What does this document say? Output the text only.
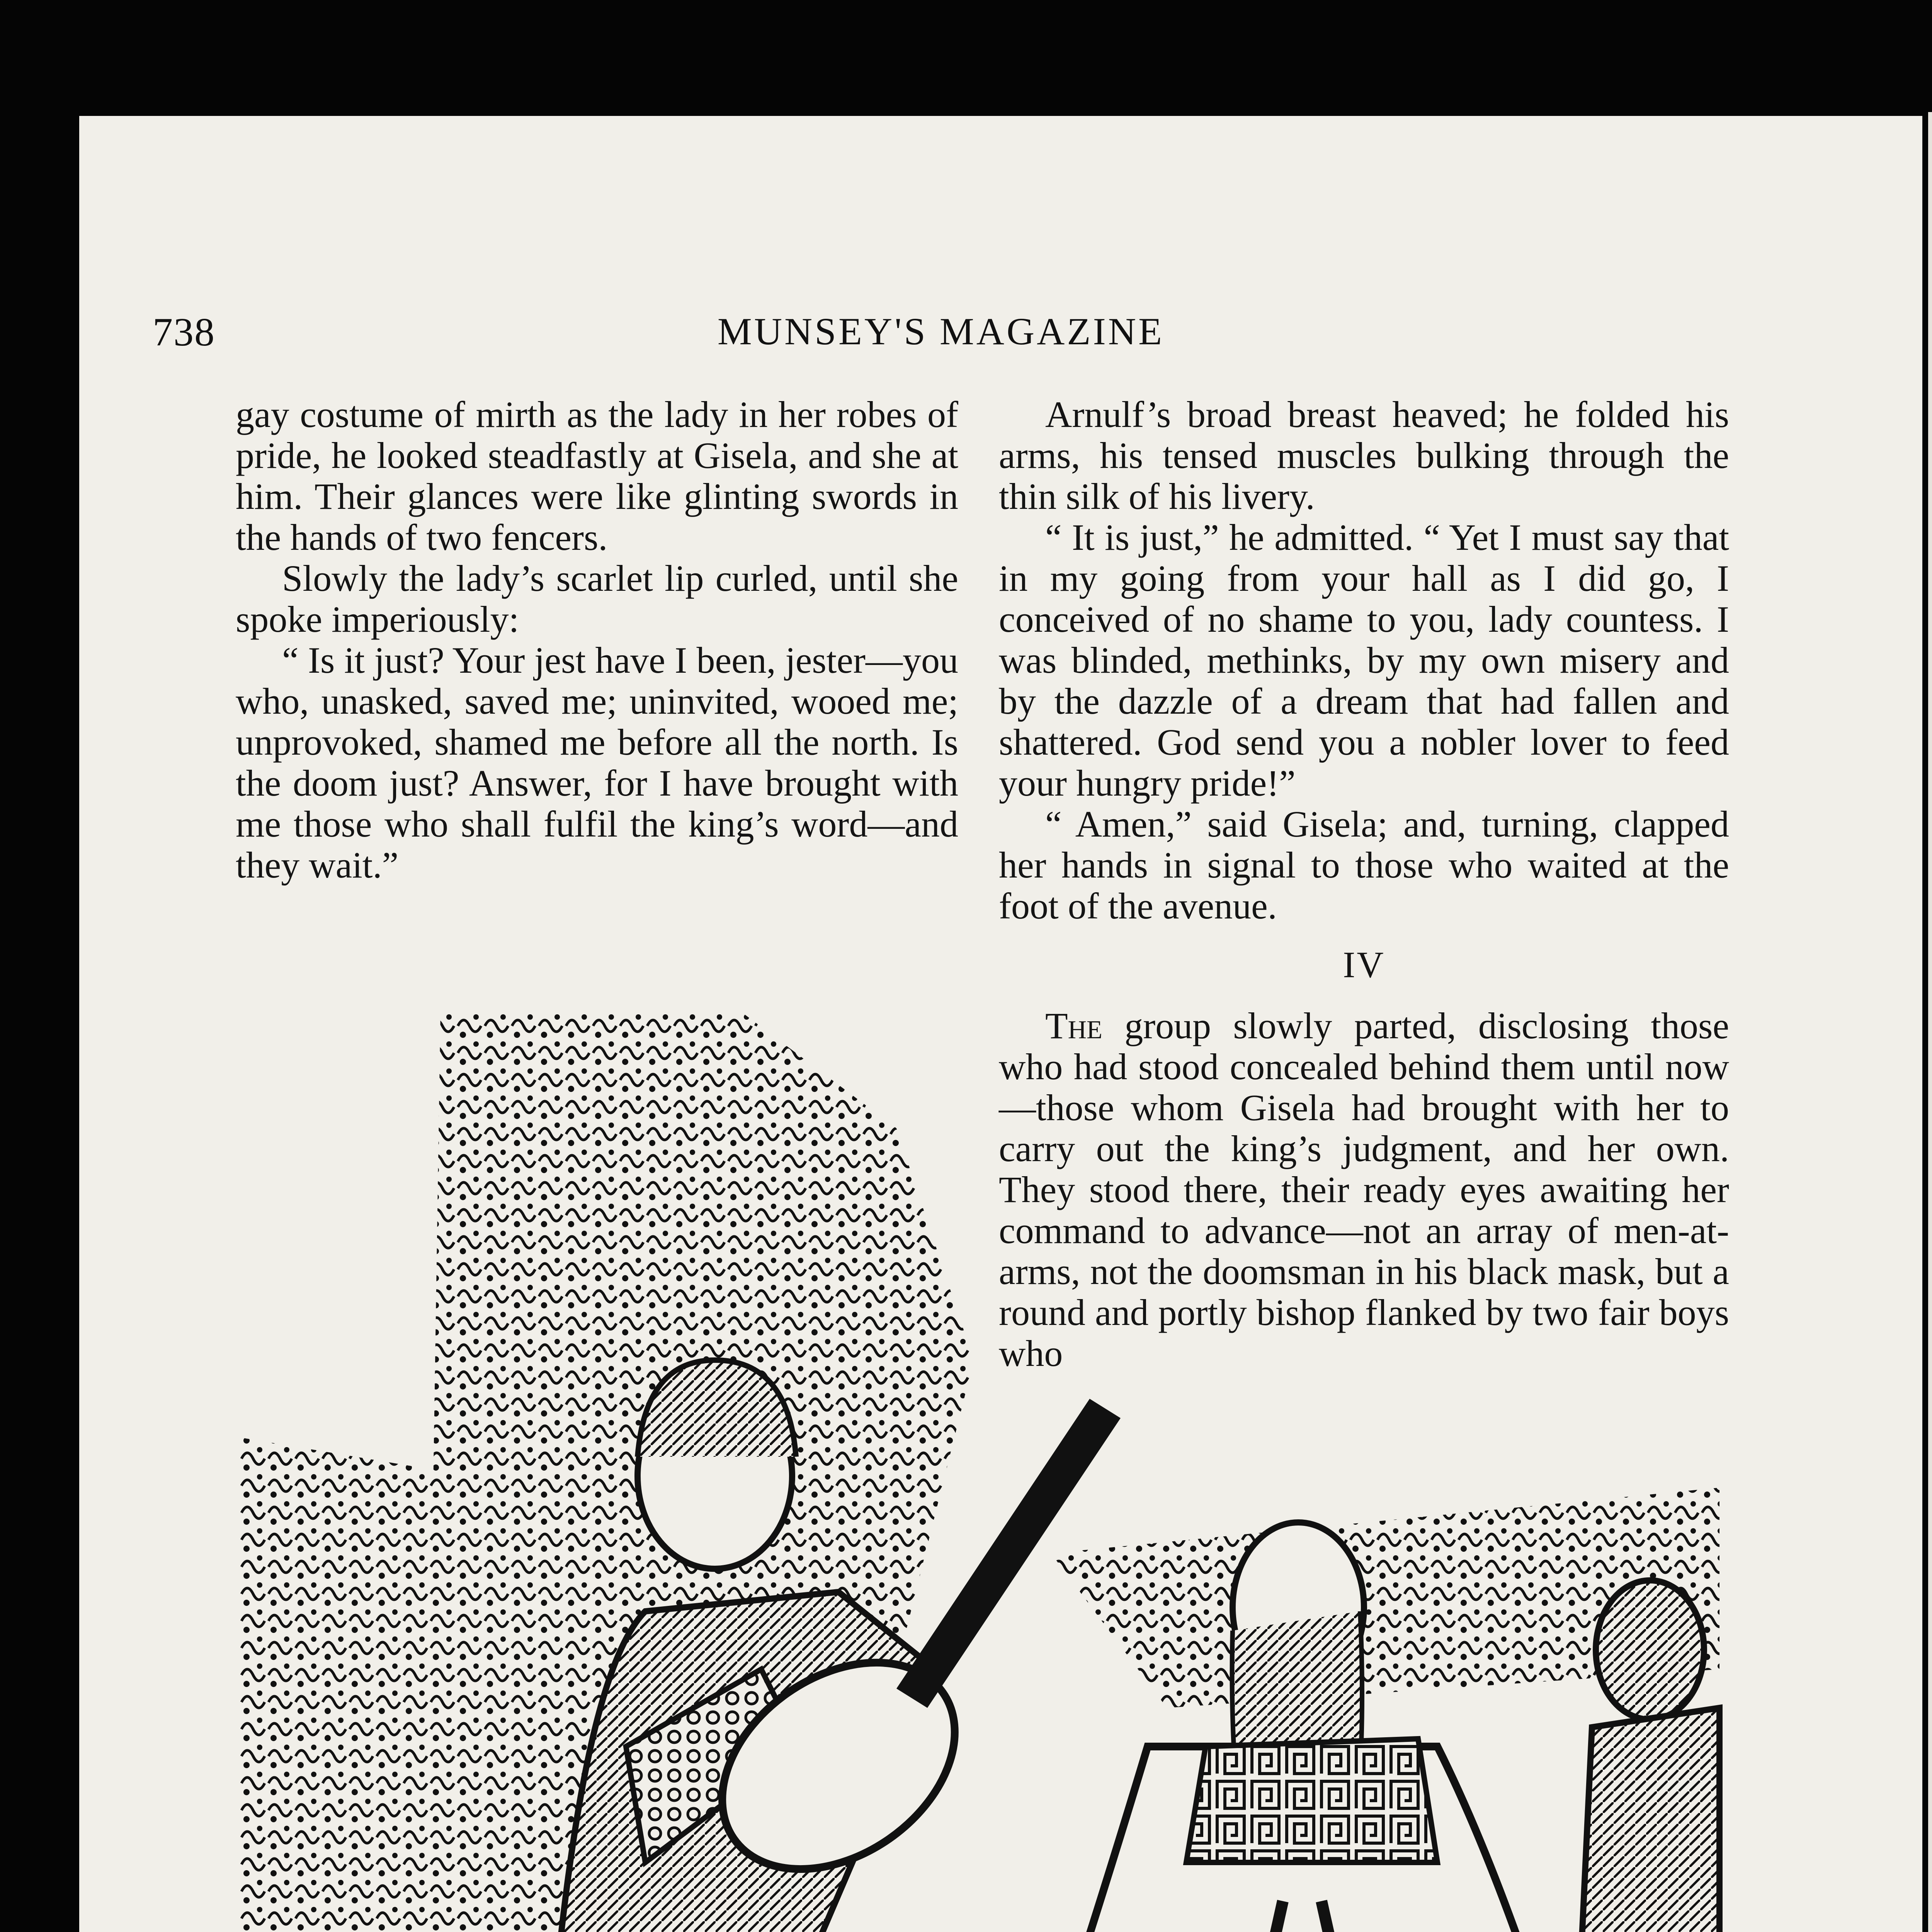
738	MUNSEY'S MAGAZINE

gay costume of mirth as the lady in her robes of pride, he looked steadfastly at Gisela, and she at him. Their glances were like glinting swords in the hands of two fencers.

Slowly the lady’s scarlet lip curled, until she spoke imperiously:

“ Is it just? Your jest have I been, jester—you who, unasked, saved me; uninvited, wooed me; unprovoked, shamed me before all the north. Is the doom just? Answer, for I have brought with me those who shall fulfil the king’s word—and they wait.”

Arnulf’s broad breast heaved; he folded his arms, his tensed muscles bulking through the thin silk of his livery.

“ It is just,” he admitted. “ Yet I must say that in my going from your hall as I did go, I conceived of no shame to you, lady countess. I was blinded, methinks, by my own misery and by the dazzle of a dream that had fallen and shattered. God send you a nobler lover to feed your hungry pride!”

“ Amen,” said Gisela; and, turning, clapped her hands in signal to those who waited at the foot of the avenue.

IV

The group slowly parted, disclosing those who had stood concealed behind them until now—those whom Gisela had brought with her to carry out the king’s judgment, and her own. They stood there, their ready eyes awaiting her command to advance—not an array of men-at-arms, not the doomsman in his black mask, but a round and portly bishop flanked by two fair boys who
